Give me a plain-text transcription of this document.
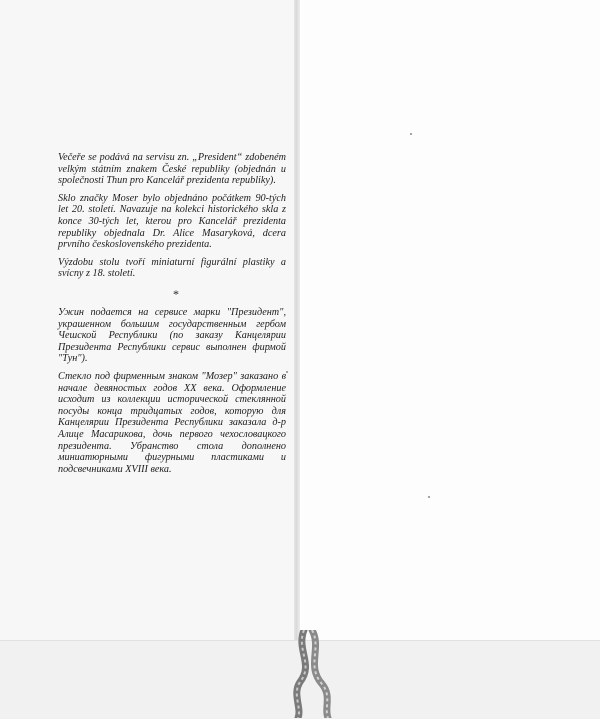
Večeře se podává na servisu zn. „President“ zdobeném velkým státním znakem České republiky (objednán u společnosti Thun pro Kancelář prezidenta republiky).

Sklo značky Moser bylo objednáno počátkem 90-tých let 20. století. Navazuje na kolekci historického skla z konce 30-tých let, kterou pro Kancelář prezidenta republiky objednala Dr. Alice Masaryková, dcera prvního československého prezidenta.

Výzdobu stolu tvoří miniaturní figurální plastiky a svícny z 18. století.

*

Ужин подается на сервисе марки "Президент", украшенном большим государственным гербом Чешской Республики (по заказу Канцелярии Президента Республики сервис выполнен фирмой "Тун").

Стекло под фирменным знаком "Мозер" заказано в начале девяностых годов XX века. Оформление исходит из коллекции исторической стеклянной посуды конца тридцатых годов, которую для Канцелярии Президента Республики заказала д-р Алице Масарикова, дочь первого чехословацкого президента. Убранство стола дополнено миниатюрными фигурными пластиками и подсвечниками XVIII века.
